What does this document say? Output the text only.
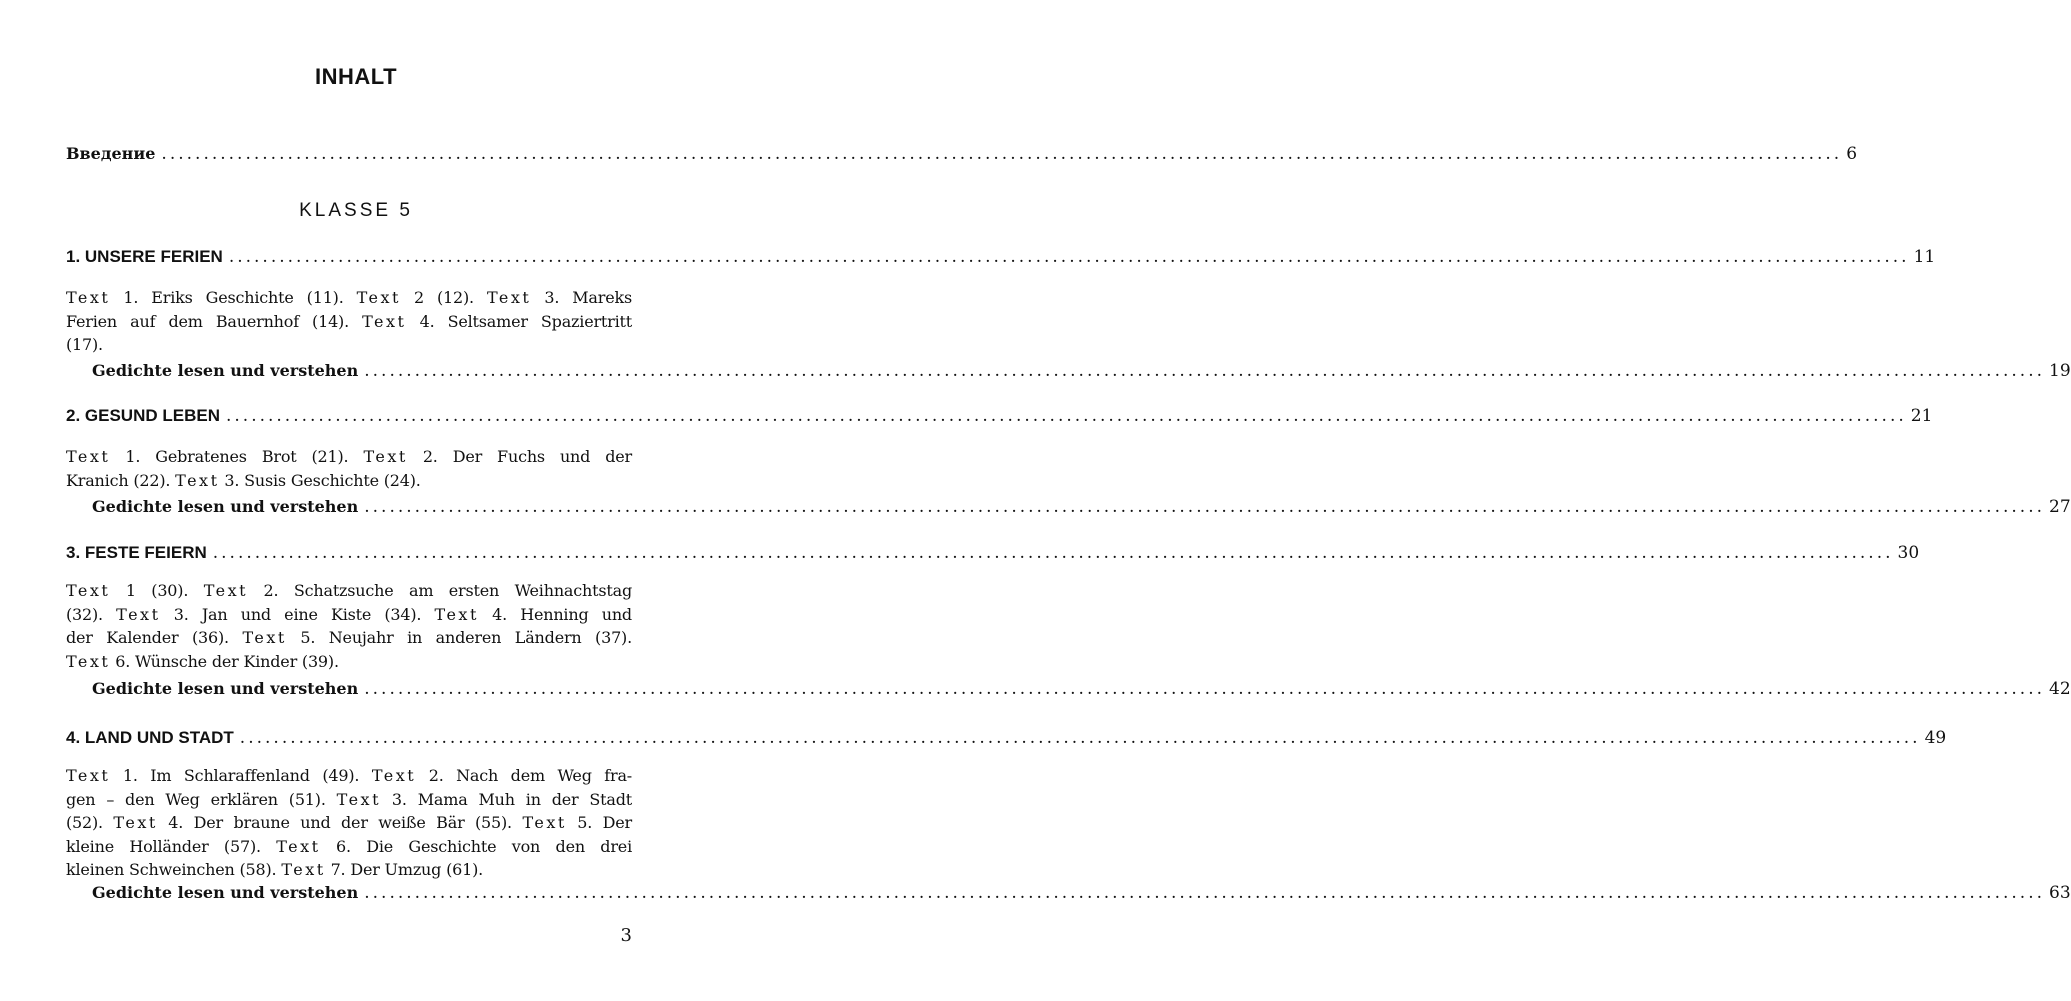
INHALT
Введение ........................................................................................................................................................................................................ 6
KLASSE 5
1. UNSERE FERIEN ........................................................................................................................................................................................................ 11
Text 1. Eriks Geschichte (11). Text 2 (12). Text 3. Mareks
Ferien auf dem Bauernhof (14). Text 4. Seltsamer Spaziertritt
(17).
Gedichte lesen und verstehen ........................................................................................................................................................................................................ 19
2. GESUND LEBEN ........................................................................................................................................................................................................ 21
Text 1. Gebratenes Brot (21). Text 2. Der Fuchs und der
Kranich (22). Text 3. Susis Geschichte (24).
Gedichte lesen und verstehen ........................................................................................................................................................................................................ 27
3. FESTE FEIERN ........................................................................................................................................................................................................ 30
Text 1 (30). Text 2. Schatzsuche am ersten Weihnachtstag
(32). Text 3. Jan und eine Kiste (34). Text 4. Henning und
der Kalender (36). Text 5. Neujahr in anderen Ländern (37).
Text 6. Wünsche der Kinder (39).
Gedichte lesen und verstehen ........................................................................................................................................................................................................ 42
4. LAND UND STADT ........................................................................................................................................................................................................ 49
Text 1. Im Schlaraffenland (49). Text 2. Nach dem Weg fra-
gen – den Weg erklären (51). Text 3. Mama Muh in der Stadt
(52). Text 4. Der braune und der weiße Bär (55). Text 5. Der
kleine Holländer (57). Text 6. Die Geschichte von den drei
kleinen Schweinchen (58). Text 7. Der Umzug (61).
Gedichte lesen und verstehen ........................................................................................................................................................................................................ 63
3
